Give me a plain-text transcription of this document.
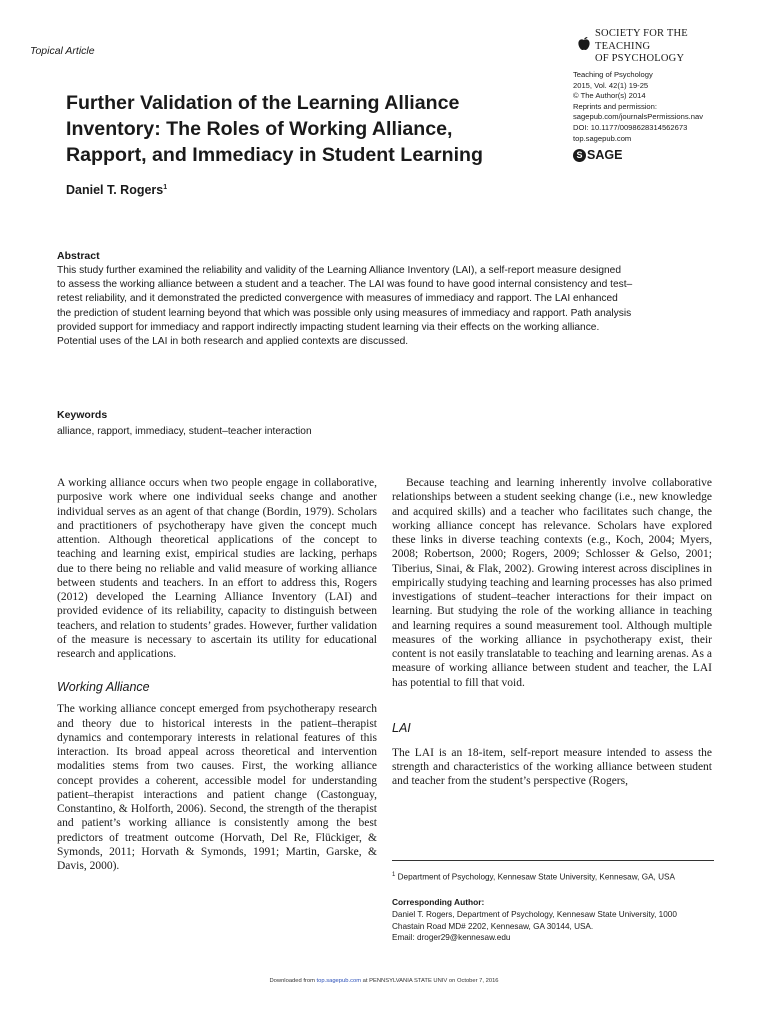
Topical Article
SOCIETY FOR THE TEACHING
OF PSYCHOLOGY
Teaching of Psychology
2015, Vol. 42(1) 19-25
© The Author(s) 2014
Reprints and permission:
sagepub.com/journalsPermissions.nav
DOI: 10.1177/0098628314562673
top.sagepub.com
S SAGE
Further Validation of the Learning Alliance
Inventory: The Roles of Working Alliance,
Rapport, and Immediacy in Student Learning
Daniel T. Rogers$^1$
Abstract
This study further examined the reliability and validity of the Learning Alliance Inventory (LAI), a self-report measure designed
to assess the working alliance between a student and a teacher. The LAI was found to have good internal consistency and test–
retest reliability, and it demonstrated the predicted convergence with measures of immediacy and rapport. The LAI enhanced
the prediction of student learning beyond that which was possible only using measures of immediacy and rapport. Path analysis
provided support for immediacy and rapport indirectly impacting student learning via their effects on the working alliance.
Potential uses of the LAI in both research and applied contexts are discussed.
Keywords
alliance, rapport, immediacy, student–teacher interaction

A working alliance occurs when two people engage in collaborative, purposive work where one individual seeks change and another individual serves as an agent of that change (Bordin, 1979). Scholars and practitioners of psychotherapy have given the concept much attention. Although theoretical applications of the concept to teaching and learning exist, empirical studies are lacking, perhaps due to there being no reliable and valid measure of working alliance between students and teachers. In an effort to address this, Rogers (2012) developed the Learning Alliance Inventory (LAI) and provided evidence of its reliability, capacity to distinguish between teachers, and relation to students’ grades. However, further validation of the measure is necessary to ascertain its utility for educational research and applications.

Working Alliance

The working alliance concept emerged from psychotherapy research and theory due to historical interests in the patient–therapist dynamics and contemporary interests in relational features of this interaction. Its broad appeal across theoretical and intervention modalities stems from two causes. First, the working alliance concept provides a coherent, accessible model for understanding patient–therapist interactions and patient change (Castonguay, Constantino, & Holforth, 2006). Second, the strength of the therapist and patient’s working alliance is consistently among the best predictors of treatment outcome (Horvath, Del Re, Flückiger, & Symonds, 2011; Horvath & Symonds, 1991; Martin, Garske, & Davis, 2000).

Because teaching and learning inherently involve collaborative relationships between a student seeking change (i.e., new knowledge and acquired skills) and a teacher who facilitates such change, the working alliance concept has relevance. Scholars have explored these links in diverse teaching contexts (e.g., Koch, 2004; Myers, 2008; Robertson, 2000; Rogers, 2009; Schlosser & Gelso, 2001; Tiberius, Sinai, & Flak, 2002). Growing interest across disciplines in empirically studying teaching and learning processes has also primed investigations of student–teacher interactions for their impact on learning. But studying the role of the working alliance in teaching and learning requires a sound measurement tool. Although multiple measures of the working alliance in psychotherapy exist, their content is not easily translatable to teaching and learning arenas. As a measure of working alliance between student and teacher, the LAI has potential to fill that void.

LAI

The LAI is an 18-item, self-report measure intended to assess the strength and characteristics of the working alliance between student and teacher from the student’s perspective (Rogers,

$^1$ Department of Psychology, Kennesaw State University, Kennesaw, GA, USA
Corresponding Author:
Daniel T. Rogers, Department of Psychology, Kennesaw State University, 1000
Chastain Road MD# 2202, Kennesaw, GA 30144, USA.
Email: droger29@kennesaw.edu
Downloaded from top.sagepub.com at PENNSYLVANIA STATE UNIV on October 7, 2016
